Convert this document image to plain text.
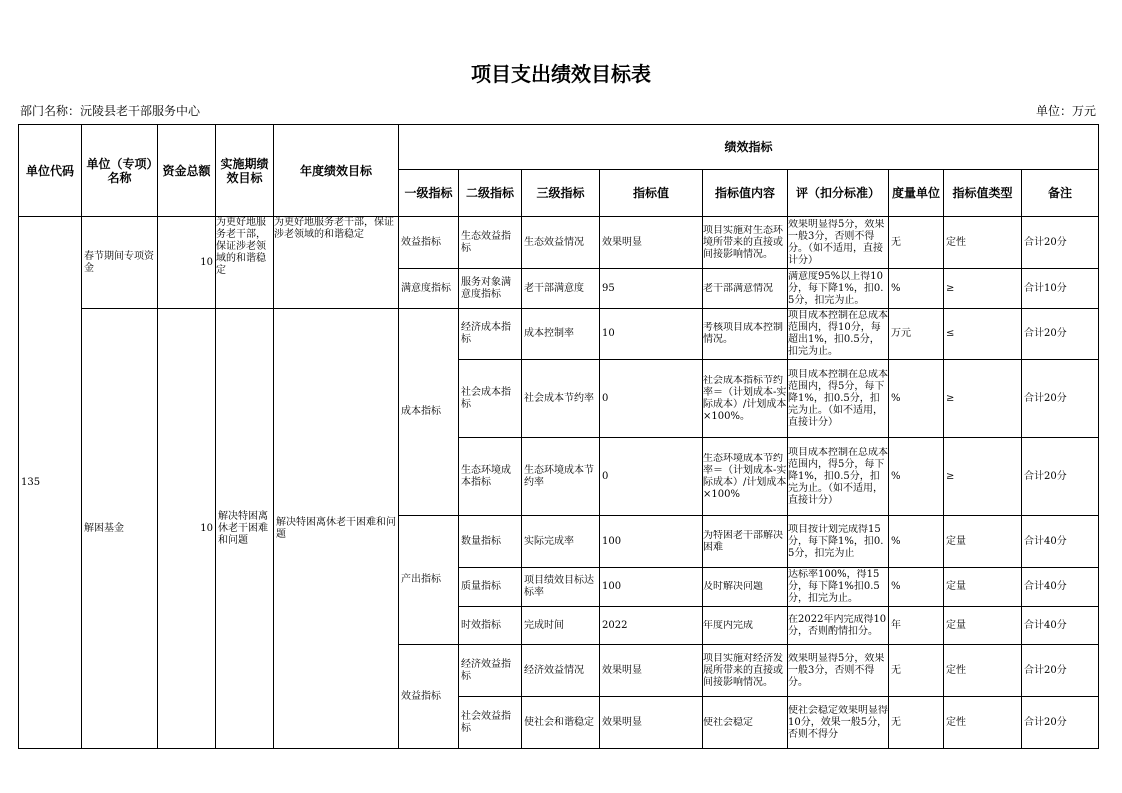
项目支出绩效目标表
部门名称：沅陵县老干部服务中心	单位：万元
单位代码	单位（专项）名称	资金总额	实施期绩效目标	年度绩效目标	绩效指标								
					一级指标	二级指标	三级指标	指标值	指标值内容	评（扣分标准）	度量单位	指标值类型	备注
135	春节期间专项资金	10	为更好地服务老干部，保证涉老领域的和谐稳定	为更好地服务老干部，保证涉老领域的和谐稳定	效益指标	生态效益指标	生态效益情况	效果明显	项目实施对生态环境所带来的直接或间接影响情况。	效果明显得5分，效果一般3分，否则不得分。（如不适用，直接计分）	无	定性	合计20分
					满意度指标	服务对象满意度指标	老干部满意度	95	老干部满意情况	满意度95%以上得10分，每下降1%，扣0.5分，扣完为止。	%	≥	合计10分
	解困基金	10	解决特困离休老干困难和问题	解决特困离休老干困难和问题	成本指标	经济成本指标	成本控制率	10	考核项目成本控制情况。	项目成本控制在总成本范围内，得10分，每超出1%，扣0.5分，扣完为止。	万元	≤	合计20分
						社会成本指标	社会成本节约率	0	社会成本指标节约率＝（计划成本-实际成本）/计划成本×100%。	项目成本控制在总成本范围内，得5分，每下降1%，扣0.5分，扣完为止。（如不适用，直接计分）	%	≥	合计20分
						生态环境成本指标	生态环境成本节约率	0	生态环境成本节约率＝（计划成本-实际成本）/计划成本×100%	项目成本控制在总成本范围内，得5分，每下降1%，扣0.5分，扣完为止。（如不适用，直接计分）	%	≥	合计20分
					产出指标	数量指标	实际完成率	100	为特困老干部解决困难	项目按计划完成得15分，每下降1%，扣0.5分，扣完为止	%	定量	合计40分
						质量指标	项目绩效目标达标率	100	及时解决问题	达标率100%，得15分，每下降1%扣0.5分，扣完为止。	%	定量	合计40分
						时效指标	完成时间	2022	年度内完成	在2022年内完成得10分，否则酌情扣分。	年	定量	合计40分
					效益指标	经济效益指标	经济效益情况	效果明显	项目实施对经济发展所带来的直接或间接影响情况。	效果明显得5分，效果一般3分，否则不得分。	无	定性	合计20分
						社会效益指标	使社会和谐稳定	效果明显	使社会稳定	使社会稳定效果明显得10分，效果一般5分，否则不得分	无	定性	合计20分
